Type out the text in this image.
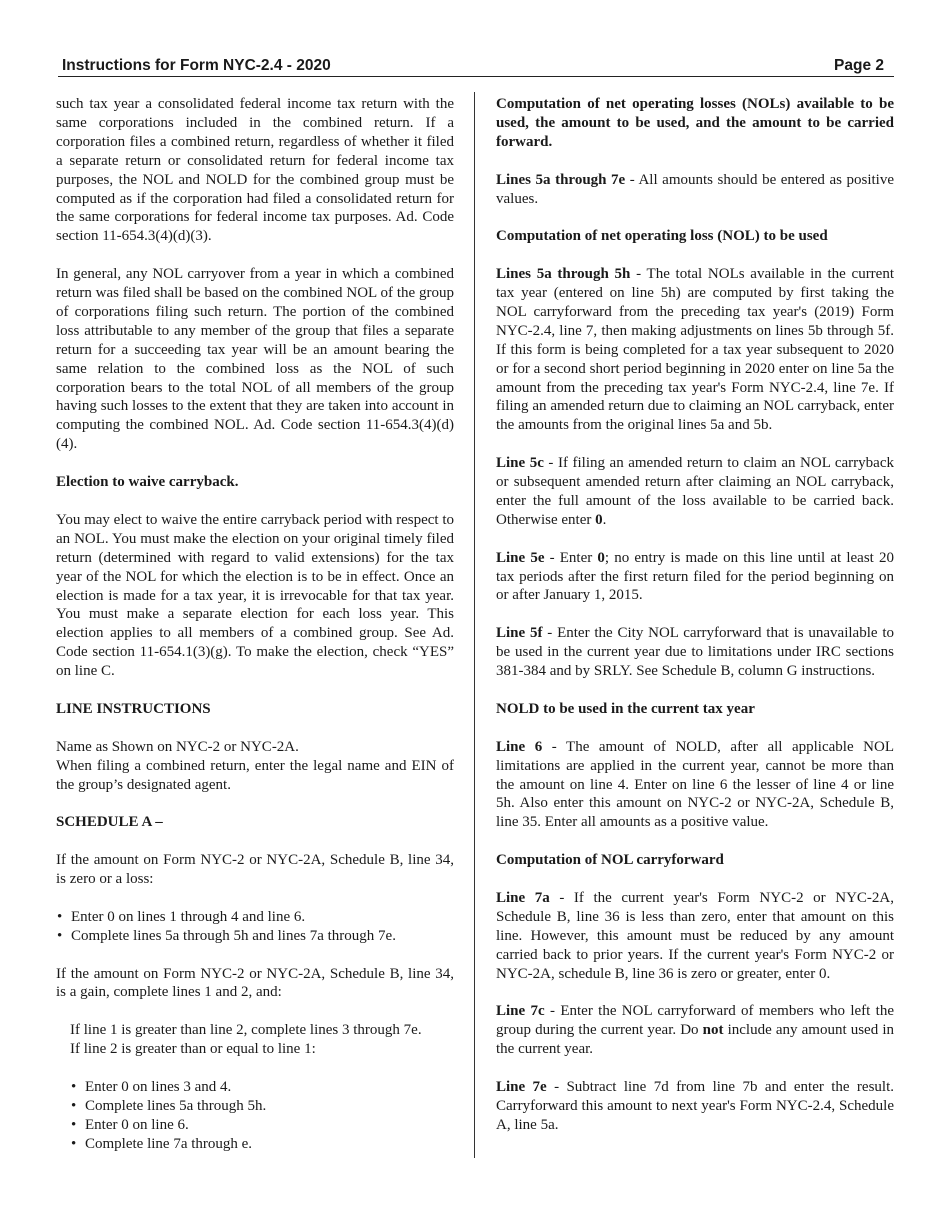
Instructions for Form NYC-2.4 - 2020	Page 2

such tax year a consolidated federal income tax return with the same corporations included in the combined return. If a corporation files a combined return, regardless of whether it filed a separate return or consolidated return for federal income tax purposes, the NOL and NOLD for the combined group must be computed as if the corporation had filed a consolidated return for the same corporations for federal income tax purposes. Ad. Code section 11-654.3(4)(d)(3).

In general, any NOL carryover from a year in which a combined return was filed shall be based on the combined NOL of the group of corporations filing such return. The portion of the combined loss attributable to any member of the group that files a separate return for a succeeding tax year will be an amount bearing the same relation to the combined loss as the NOL of such corporation bears to the total NOL of all members of the group having such losses to the extent that they are taken into account in computing the combined NOL. Ad. Code section 11-654.3(4)(d)(4).

Election to waive carryback.

You may elect to waive the entire carryback period with respect to an NOL. You must make the election on your original timely filed return (determined with regard to valid extensions) for the tax year of the NOL for which the election is to be in effect. Once an election is made for a tax year, it is irrevocable for that tax year. You must make a separate election for each loss year. This election applies to all members of a combined group. See Ad. Code section 11-654.1(3)(g). To make the election, check “YES” on line C.

LINE INSTRUCTIONS

Name as Shown on NYC-2 or NYC-2A.

When filing a combined return, enter the legal name and EIN of the group’s designated agent.

SCHEDULE A –

If the amount on Form NYC-2 or NYC-2A, Schedule B, line 34, is zero or a loss:

• Enter 0 on lines 1 through 4 and line 6.
• Complete lines 5a through 5h and lines 7a through 7e.

If the amount on Form NYC-2 or NYC-2A, Schedule B, line 34, is a gain, complete lines 1 and 2, and:

If line 1 is greater than line 2, complete lines 3 through 7e.

If line 2 is greater than or equal to line 1:

• Enter 0 on lines 3 and 4.
• Complete lines 5a through 5h.
• Enter 0 on line 6.
• Complete line 7a through e.

Computation of net operating losses (NOLs) available to be used, the amount to be used, and the amount to be carried forward.

Lines 5a through 7e - All amounts should be entered as positive values.

Computation of net operating loss (NOL) to be used

Lines 5a through 5h - The total NOLs available in the current tax year (entered on line 5h) are computed by first taking the NOL carryforward from the preceding tax year's (2019) Form NYC-2.4, line 7, then making adjustments on lines 5b through 5f. If this form is being completed for a tax year subsequent to 2020 or for a second short period beginning in 2020 enter on line 5a the amount from the preceding tax year's Form NYC-2.4, line 7e. If filing an amended return due to claiming an NOL carryback, enter the amounts from the original lines 5a and 5b.

Line 5c - If filing an amended return to claim an NOL carryback or subsequent amended return after claiming an NOL carryback, enter the full amount of the loss available to be carried back. Otherwise enter 0.

Line 5e - Enter 0; no entry is made on this line until at least 20 tax periods after the first return filed for the period beginning on or after January 1, 2015.

Line 5f - Enter the City NOL carryforward that is unavailable to be used in the current year due to limitations under IRC sections 381-384 and by SRLY. See Schedule B, column G instructions.

NOLD to be used in the current tax year

Line 6 - The amount of NOLD, after all applicable NOL limitations are applied in the current year, cannot be more than the amount on line 4. Enter on line 6 the lesser of line 4 or line 5h. Also enter this amount on NYC-2 or NYC-2A, Schedule B, line 35. Enter all amounts as a positive value.

Computation of NOL carryforward

Line 7a - If the current year's Form NYC-2 or NYC-2A, Schedule B, line 36 is less than zero, enter that amount on this line. However, this amount must be reduced by any amount carried back to prior years. If the current year's Form NYC-2 or NYC-2A, schedule B, line 36 is zero or greater, enter 0.

Line 7c - Enter the NOL carryforward of members who left the group during the current year. Do not include any amount used in the current year.

Line 7e - Subtract line 7d from line 7b and enter the result. Carryforward this amount to next year's Form NYC-2.4, Schedule A, line 5a.
